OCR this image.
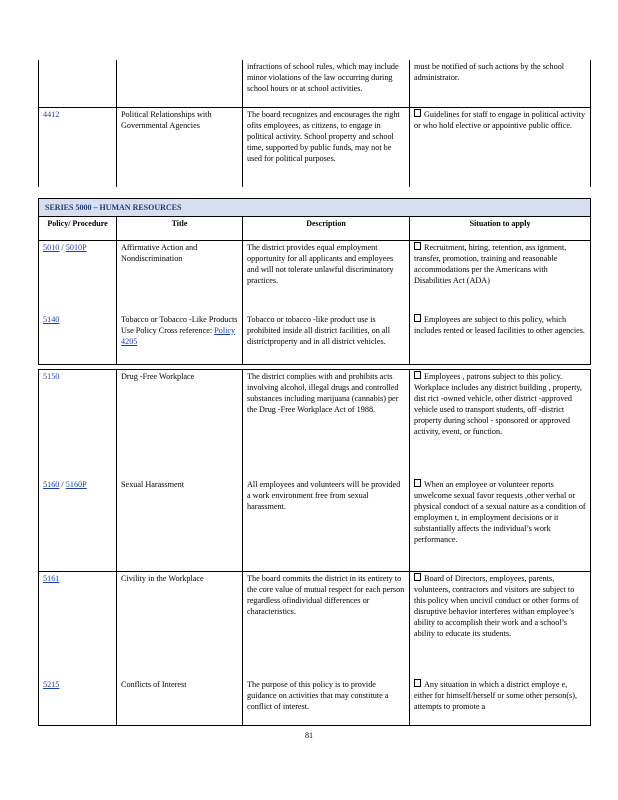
		infractions of school rules, which may include minor violations of the law occurring during school hours or at school activities.	must be notified of such actions by the school administrator.
4412	Political Relationships with Governmental Agencies	The board recognizes and encourages the right ofits employees, as citizens, to engage in political activity. School property and school time, supported by public funds, may not be used for political purposes.	Guidelines for staff to engage in political activity or who hold elective or appointive public office.
SERIES 5000 – HUMAN RESOURCES			
Policy/ Procedure	Title	Description	Situation to apply
5010 / 5010P	Affirmative Action and Nondiscrimination	The district provides equal employment opportunity for all applicants and employees and will not tolerate unlawful discriminatory practices.	Recruitment, hiring, retention, ass ignment, transfer, promotion, training and reasonable accommodations per the Americans with Disabilities Act (ADA)
5140	Tobacco or Tobacco -Like Products Use Policy Cross reference: Policy 4205	Tobacco or tobacco -like product use is prohibited inside all district facilities, on all districtproperty and in all district vehicles.	Employees are subject to this policy, which includes rented or leased facilities to other agencies.
5150	Drug -Free Workplace	The district complies with and prohibits acts involving alcohol, illegal drugs and controlled substances including marijuana (cannabis) per the Drug -Free Workplace Act of 1988.	Employees , patrons subject to this policy. Workplace includes any district building , property, dist rict -owned vehicle, other district -approved vehicle used to transport students, off -district property during school - sponsored or approved activity, event, or function.
5160 / 5160P	Sexual Harassment	All employees and volunteers will be provided a work environment free from sexual harassment.	When an employee or volunteer reports unwelcome sexual favor requests ,other verbal or physical conduct of a sexual nature as a condition of employmen t, in employment decisions or it substantially affects the individual’s work performance.
5161	Civility in the Workplace	The board commits the district in its entirety to the core value of mutual respect for each person regardless ofindividual differences or characteristics.	Board of Directors, employees, parents, volunteers, contractors and visitors are subject to this policy when uncivil conduct or other forms of disruptive behavior interferes withan employee’s ability to accomplish their work and a school’s ability to educate its students.
5215	Conflicts of Interest	The purpose of this policy is to provide guidance on activities that may constitute a conflict of interest.	Any situation in which a district employe e, either for himself/herself or some other person(s), attempts to promote a
81
